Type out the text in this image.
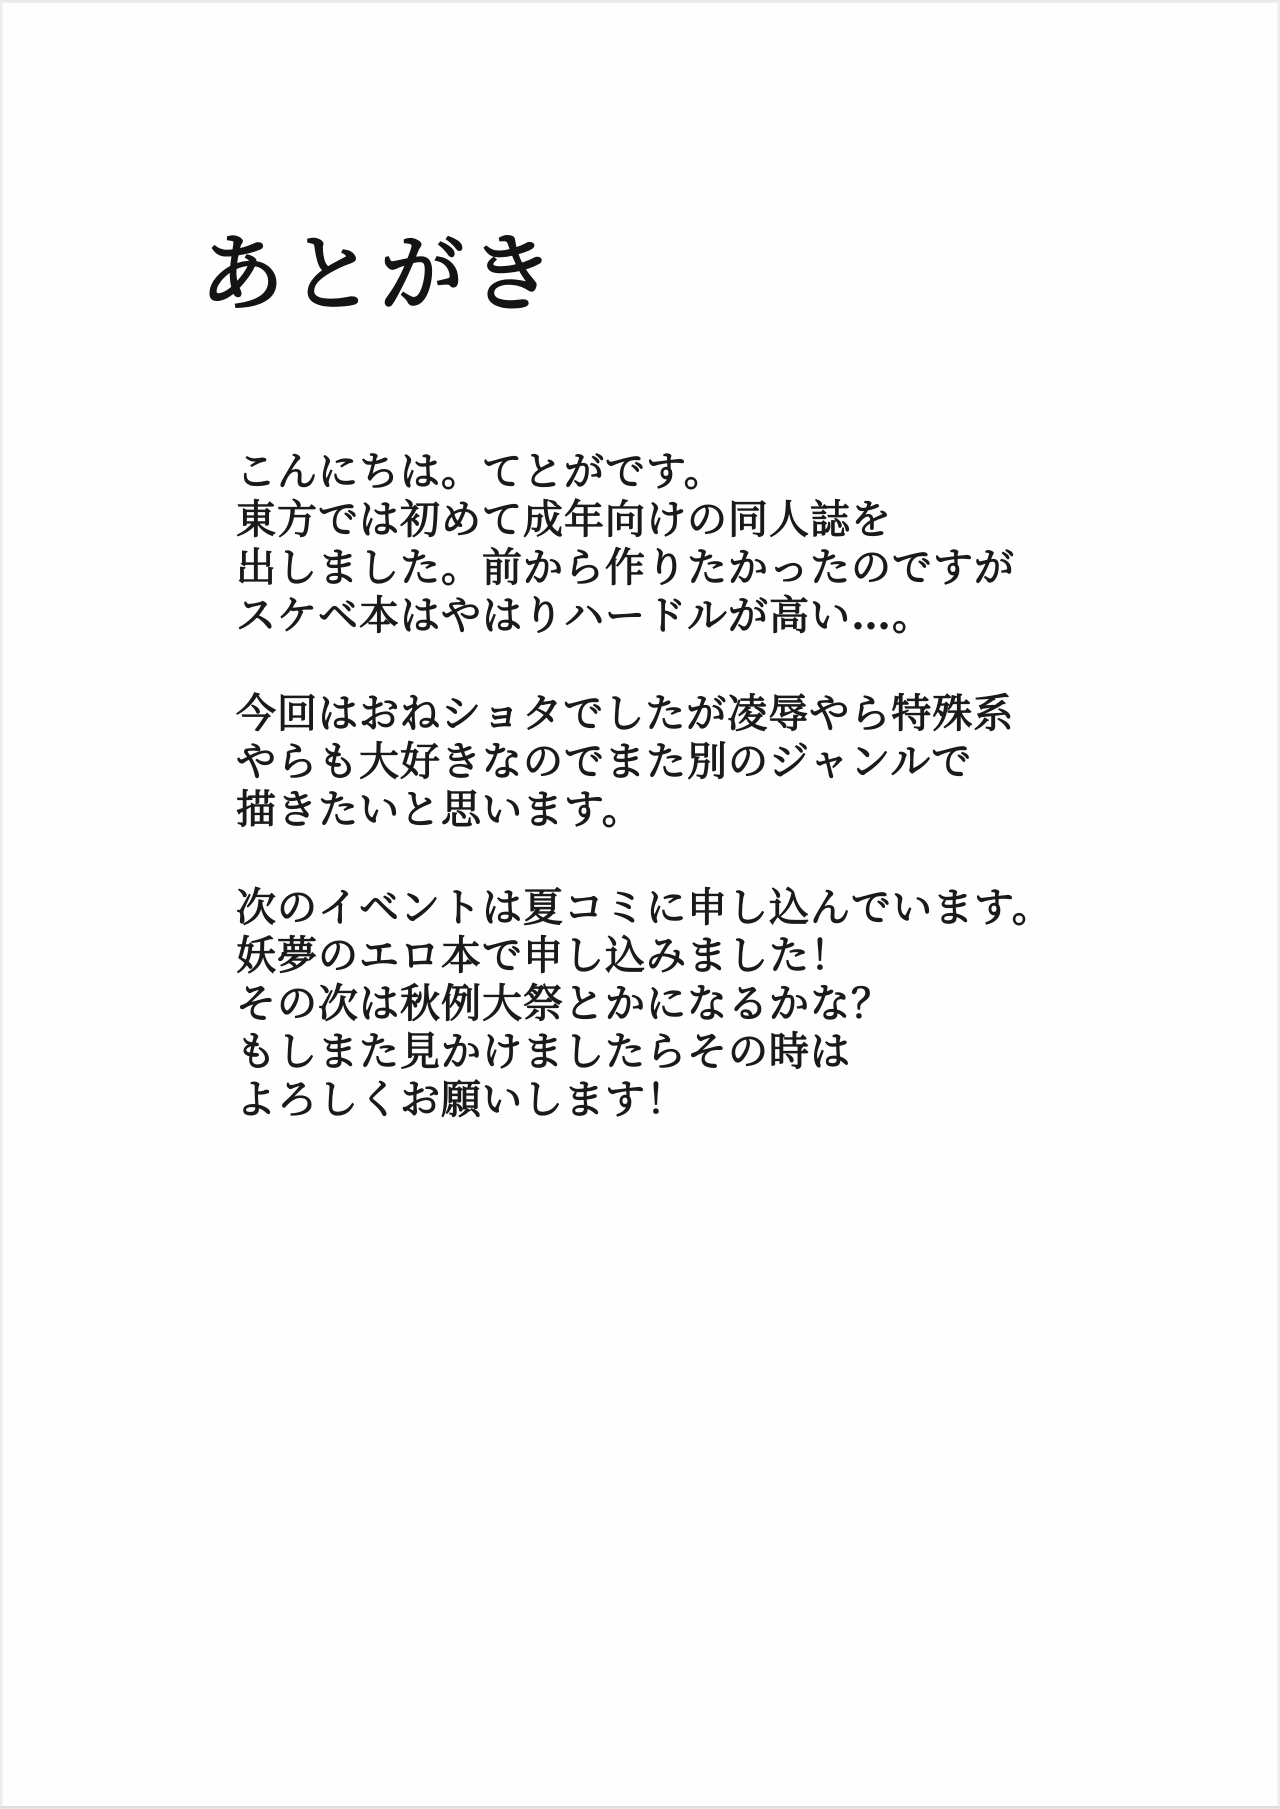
あとがき
こんにちは。てとがです。
東方では初めて成年向けの同人誌を
出しました。前から作りたかったのですが
スケベ本はやはりハードルが高い…。
今回はおねショタでしたが凌辱やら特殊系
やらも大好きなのでまた別のジャンルで
描きたいと思います。
次のイベントは夏コミに申し込んでいます。
妖夢のエロ本で申し込みました！
その次は秋例大祭とかになるかな？
もしまた見かけましたらその時は
よろしくお願いします！
